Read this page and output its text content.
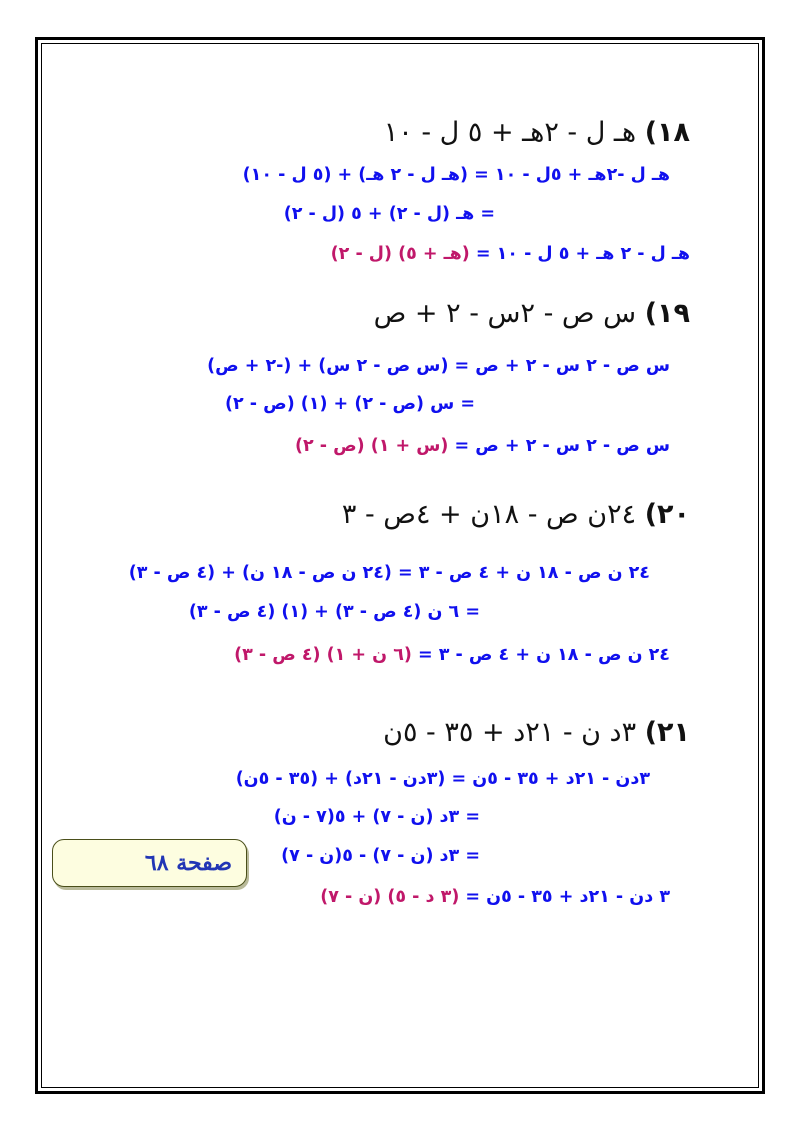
١٨) هـ ل - ٢هـ + ٥ ل - ١٠
هـ ل -٢هـ + ٥ل - ١٠ = (هـ ل - ٢ هـ) + (٥ ل - ١٠)
= هـ (ل - ٢) + ٥ (ل - ٢)
هـ ل - ٢ هـ + ٥ ل - ١٠ = (هـ + ٥) (ل - ٢)
١٩) س ص - ٢س - ٢ + ص
س ص - ٢ س - ٢ + ص = (س ص - ٢ س) + (-٢ + ص)
= س (ص - ٢) + (١) (ص - ٢)
س ص - ٢ س - ٢ + ص = (س + ١) (ص - ٢)
٢٠) ٢٤ن ص - ١٨ن + ٤ص - ٣
٢٤ ن ص - ١٨ ن + ٤ ص - ٣ = (٢٤ ن ص - ١٨ ن) + (٤ ص - ٣)
= ٦ ن (٤ ص - ٣) + (١) (٤ ص - ٣)
٢٤ ن ص - ١٨ ن + ٤ ص - ٣ = (٦ ن + ١) (٤ ص - ٣)
٢١) ٣د ن - ٢١د + ٣٥ - ٥ن
٣دن - ٢١د + ٣٥ - ٥ن = (٣دن - ٢١د) + (٣٥ - ٥ن)
= ٣د (ن - ٧) + ٥(٧ - ن)
= ٣د (ن - ٧) - ٥(ن - ٧)
٣ دن - ٢١د + ٣٥ - ٥ن = (٣ د - ٥) (ن - ٧)
صفحة ٦٨
